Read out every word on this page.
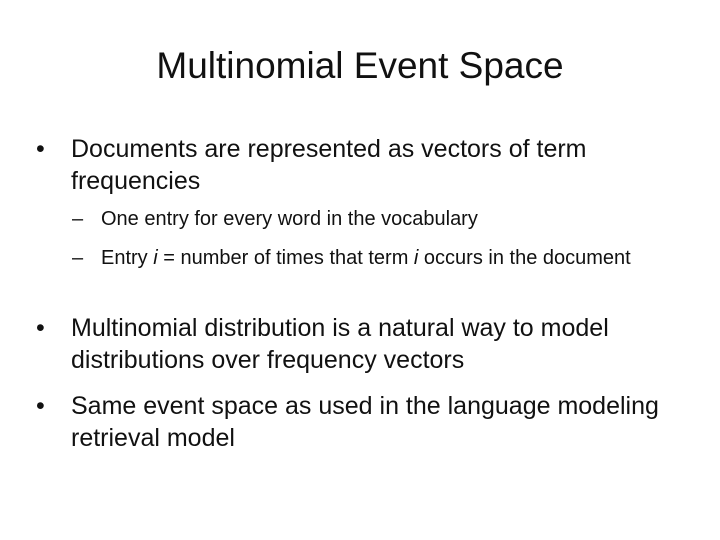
Multinomial Event Space
•	Documents are represented as vectors of term frequencies
– One entry for every word in the vocabulary
– Entry i = number of times that term i occurs in the document
•	Multinomial distribution is a natural way to model distributions over frequency vectors
•	Same event space as used in the language modeling retrieval model
